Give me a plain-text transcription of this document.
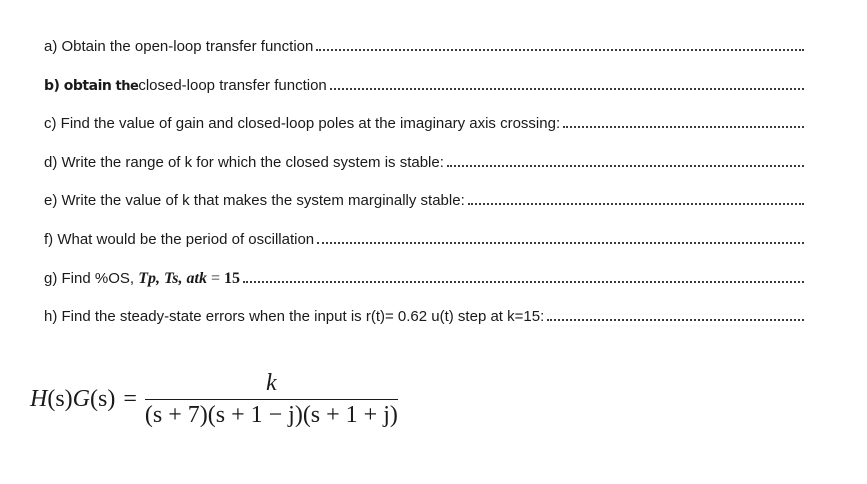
a) Obtain the open-loop transfer function
b) obtain theclosed-loop transfer function
c) Find the value of gain and closed-loop poles at the imaginary axis crossing:
d) Write the range of k for which the closed system is stable:
e) Write the value of k that makes the system marginally stable:
f) What would be the period of oscillation
g) Find %OS, Tp, Ts, atk = 15
h) Find the steady-state errors when the input is r(t)= 0.62 u(t) step at k=15:
$H(s)G(s) = \frac{k}{(s + 7)(s + 1 - j)(s + 1 + j)}$
